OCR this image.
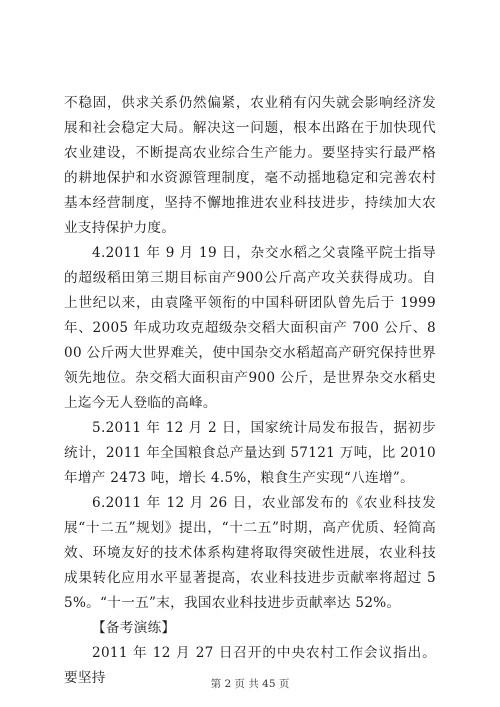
不稳固，供求关系仍然偏紧，农业稍有闪失就会影响经济发展和社会稳定大局。解决这一问题，根本出路在于加快现代农业建设，不断提高农业综合生产能力。要坚持实行最严格的耕地保护和水资源管理制度，毫不动摇地稳定和完善农村基本经营制度，坚持不懈地推进农业科技进步，持续加大农业支持保护力度。

4.2011 年 9 月 19 日，杂交水稻之父袁隆平院士指导的超级稻田第三期目标亩产900公斤高产攻关获得成功。自上世纪以来，由袁隆平领衔的中国科研团队曾先后于 1999 年、2005 年成功攻克超级杂交稻大面积亩产 700 公斤、800 公斤两大世界难关，使中国杂交水稻超高产研究保持世界领先地位。杂交稻大面积亩产900 公斤，是世界杂交水稻史上迄今无人登临的高峰。

5.2011 年 12 月 2 日，国家统计局发布报告，据初步统计，2011 年全国粮食总产量达到 57121 万吨，比 2010 年增产 2473 吨，增长 4.5%，粮食生产实现“八连增”。

6.2011 年 12 月 26 日，农业部发布的《农业科技发展“十二五”规划》提出，“十二五”时期，高产优质、轻简高效、环境友好的技术体系构建将取得突破性进展，农业科技成果转化应用水平显著提高，农业科技进步贡献率将超过 55%。“十一五”末，我国农业科技进步贡献率达 52%。

【备考演练】

2011 年 12 月 27 日召开的中央农村工作会议指出。要坚持	第 2 页 共 45 页
